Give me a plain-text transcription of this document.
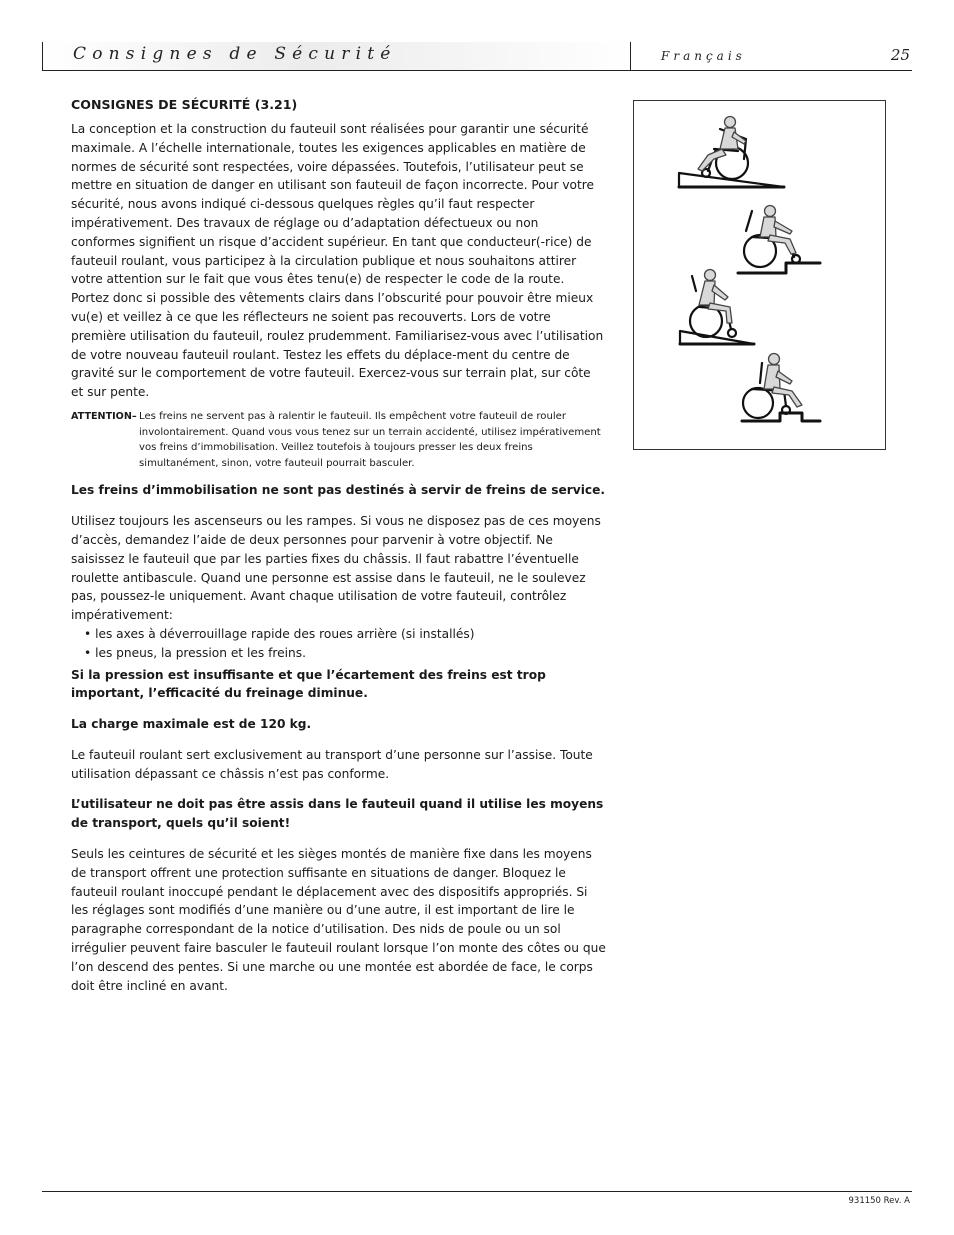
Consignes de Sécurité	Français	25
CONSIGNES DE SÉCURITÉ (3.21)

La conception et la construction du fauteuil sont réalisées pour garantir une sécurité maximale. A l’échelle internationale, toutes les exigences applicables en matière de normes de sécurité sont respectées, voire dépassées. Toutefois, l’utilisateur peut se mettre en situation de danger en utilisant son fauteuil de façon incorrecte. Pour votre sécurité, nous avons indiqué ci-dessous quelques règles qu’il faut respecter impérativement. Des travaux de réglage ou d’adaptation défectueux ou non conformes signifient un risque d’accident supérieur. En tant que conducteur(-rice) de fauteuil roulant, vous participez à la circulation publique et nous souhaitons attirer votre attention sur le fait que vous êtes tenu(e) de respecter le code de la route. Portez donc si possible des vêtements clairs dans l’obscurité pour pouvoir être mieux vu(e) et veillez à ce que les réflecteurs ne soient pas recouverts. Lors de votre première utilisation du fauteuil, roulez prudemment. Familiarisez-vous avec l’utilisation de votre nouveau fauteuil roulant. Testez les effets du déplace-ment du centre de gravité sur le comportement de votre fauteuil. Exercez-vous sur terrain plat, sur côte et sur pente.

ATTENTION– Les freins ne servent pas à ralentir le fauteuil. Ils empêchent votre fauteuil de rouler involontairement. Quand vous vous tenez sur un terrain accidenté, utilisez impérativement vos freins d’immobilisation. Veillez toutefois à toujours presser les deux freins simultanément, sinon, votre fauteuil pourrait basculer.

Les freins d’immobilisation ne sont pas destinés à servir de freins de service.

Utilisez toujours les ascenseurs ou les rampes. Si vous ne disposez pas de ces moyens d’accès, demandez l’aide de deux personnes pour parvenir à votre objectif. Ne saisissez le fauteuil que par les parties fixes du châssis. Il faut rabattre l’éventuelle roulette antibascule. Quand une personne est assise dans le fauteuil, ne le soulevez pas, poussez-le uniquement. Avant chaque utilisation de votre fauteuil, contrôlez impérativement:

• les axes à déverrouillage rapide des roues arrière (si installés)
• les pneus, la pression et les freins.

Si la pression est insuffisante et que l’écartement des freins est trop important, l’efficacité du freinage diminue.

La charge maximale est de 120 kg.

Le fauteuil roulant sert exclusivement au transport d’une personne sur l’assise. Toute utilisation dépassant ce châssis n’est pas conforme.

L’utilisateur ne doit pas être assis dans le fauteuil quand il utilise les moyens de transport, quels qu’il soient!

Seuls les ceintures de sécurité et les sièges montés de manière fixe dans les moyens de transport offrent une protection suffisante en situations de danger. Bloquez le fauteuil roulant inoccupé pendant le déplacement avec des dispositifs appropriés. Si les réglages sont modifiés d’une manière ou d’une autre, il est important de lire le paragraphe correspondant de la notice d’utilisation. Des nids de poule ou un sol irrégulier peuvent faire basculer le fauteuil roulant lorsque l’on monte des côtes ou que l’on descend des pentes. Si une marche ou une montée est abordée de face, le corps doit être incliné en avant.

931150 Rev. A
